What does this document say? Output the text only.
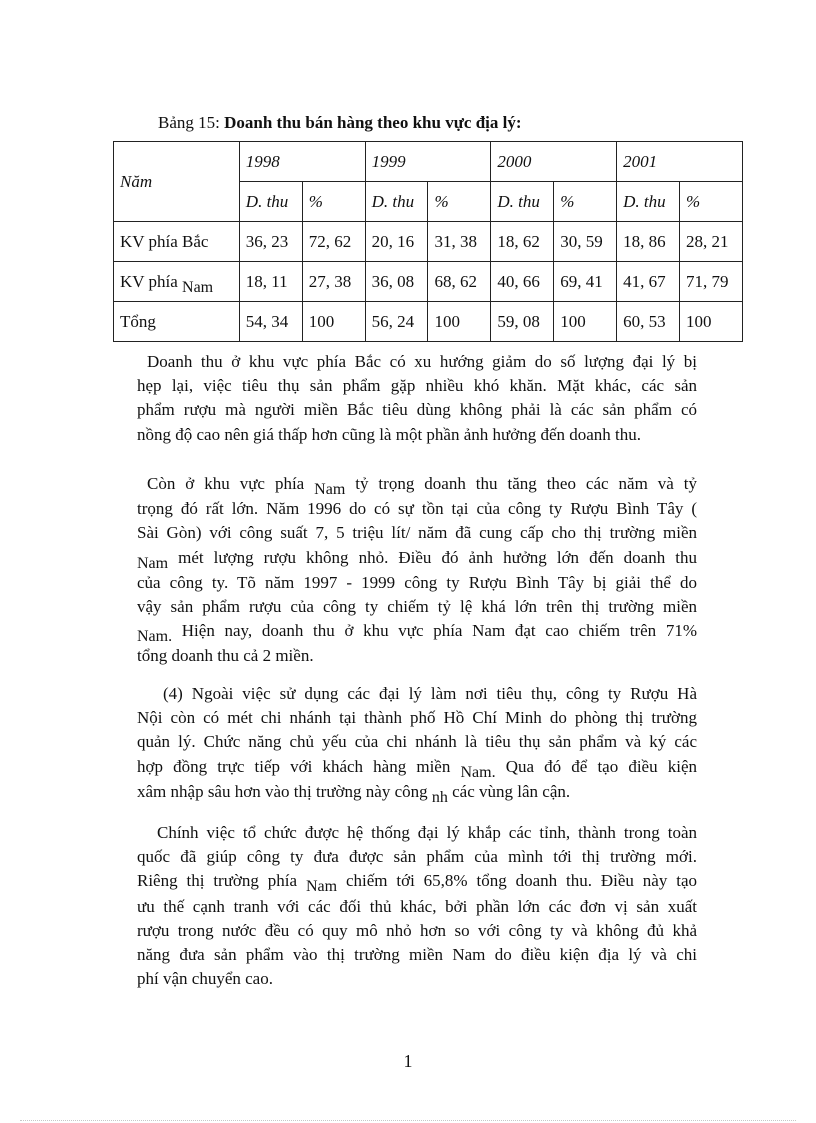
Bảng 15: Doanh thu bán hàng theo khu vực địa lý:
Năm	1998		1999		2000		2001	
	D. thu	%	D. thu	%	D. thu	%	D. thu	%
KV phía Bắc	36, 23	72, 62	20, 16	31, 38	18, 62	30, 59	18, 86	28, 21
KV phía Nam	18, 11	27, 38	36, 08	68, 62	40, 66	69, 41	41, 67	71, 79
Tổng	54, 34	100	56, 24	100	59, 08	100	60, 53	100
Doanh thu ở khu vực phía Bắc có xu hướng giảm do số lượng đại lý bị
hẹp lại, việc tiêu thụ sản phẩm gặp nhiều khó khăn. Mặt khác, các sản
phẩm rượu mà người miền Bắc tiêu dùng không phải là các sản phẩm có
nồng độ cao nên giá thấp hơn cũng là một phần ảnh hưởng đến doanh thu.
Còn ở khu vực phía Nam tỷ trọng doanh thu tăng theo các năm và tỷ
trọng đó rất lớn. Năm 1996 do có sự tồn tại của công ty Rượu Bình Tây (
Sài Gòn) với công suất 7, 5 triệu lít/ năm đã cung cấp cho thị trường miền
Nam mét lượng rượu không nhỏ. Điều đó ảnh hưởng lớn đến doanh thu
của công ty. Tõ năm 1997 - 1999 công ty Rượu Bình Tây bị giải thể do
vậy sản phẩm rượu của công ty chiếm tỷ lệ khá lớn trên thị trường miền
Nam. Hiện nay, doanh thu ở khu vực phía Nam đạt cao chiếm trên 71%
tổng doanh thu cả 2 miền.
(4) Ngoài việc sử dụng các đại lý làm nơi tiêu thụ, công ty Rượu Hà
Nội còn có mét chi nhánh tại thành phố Hồ Chí Minh do phòng thị trường
quản lý. Chức năng chủ yếu của chi nhánh là tiêu thụ sản phẩm và ký các
hợp đồng trực tiếp với khách hàng miền Nam. Qua đó để tạo điều kiện
xâm nhập sâu hơn vào thị trường này công nh các vùng lân cận.
Chính việc tổ chức được hệ thống đại lý khắp các tỉnh, thành trong toàn
quốc đã giúp công ty đưa được sản phẩm của mình tới thị trường mới.
Riêng thị trường phía Nam chiếm tới 65,8% tổng doanh thu. Điều này tạo
ưu thế cạnh tranh với các đối thủ khác, bởi phần lớn các đơn vị sản xuất
rượu trong nước đều có quy mô nhỏ hơn so với công ty và không đủ khả
năng đưa sản phẩm vào thị trường miền Nam do điều kiện địa lý và chi
phí vận chuyển cao.
1
